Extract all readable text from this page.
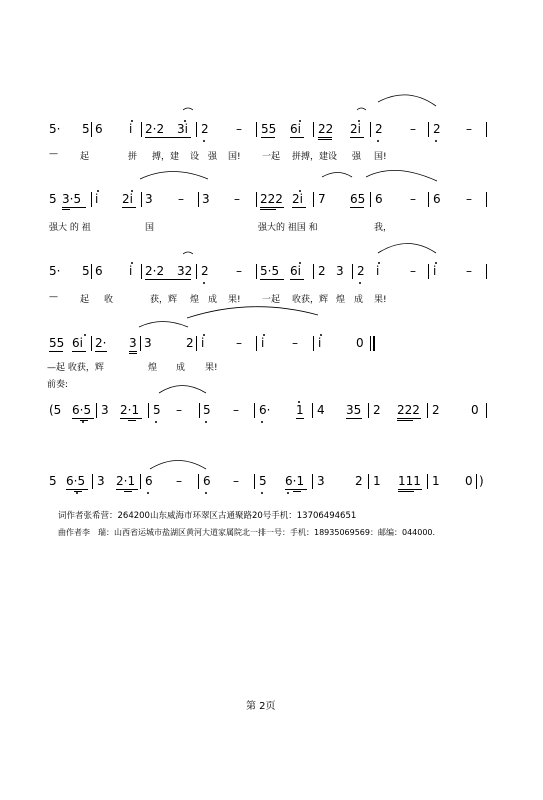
5· 5 6 i 2·2 3i 2 – 55 6i 22 2i 2 – 2 –
— 起	拼 搏，建 设 强 国! 一起 拼搏，建设 强 国!
5 3·5 i 2i 3 – 3 – 222 2i 7 65 6 – 6 –
强大 的 祖	国	强大的 祖国 和	我，
5· 5 6 i 2·2 32 2 – 5·5 6i 2 3 2 i	– i –
— 起 收	获，辉 煌 成 果! 一起 收获，辉 煌 成 果!
55 6i 2· 3 3	2 i	– i – i	0
—起 收获，辉	煌 成 果!
前奏:
(5 6·5 3 2·1 5 – 5 – 6· 1 4 35 2 222 2	0
5 6·5 3 2·1 6 – 6 – 5 6·1 3	2 1 111 1 0 )
词作者张希营：264200山东威海市环翠区古通聚路20号手机：13706494651
曲作者李　瑞：山西省运城市盐湖区黄河大道家属院北一排一号：手机：18935069569：邮编：044000.
第 2页
